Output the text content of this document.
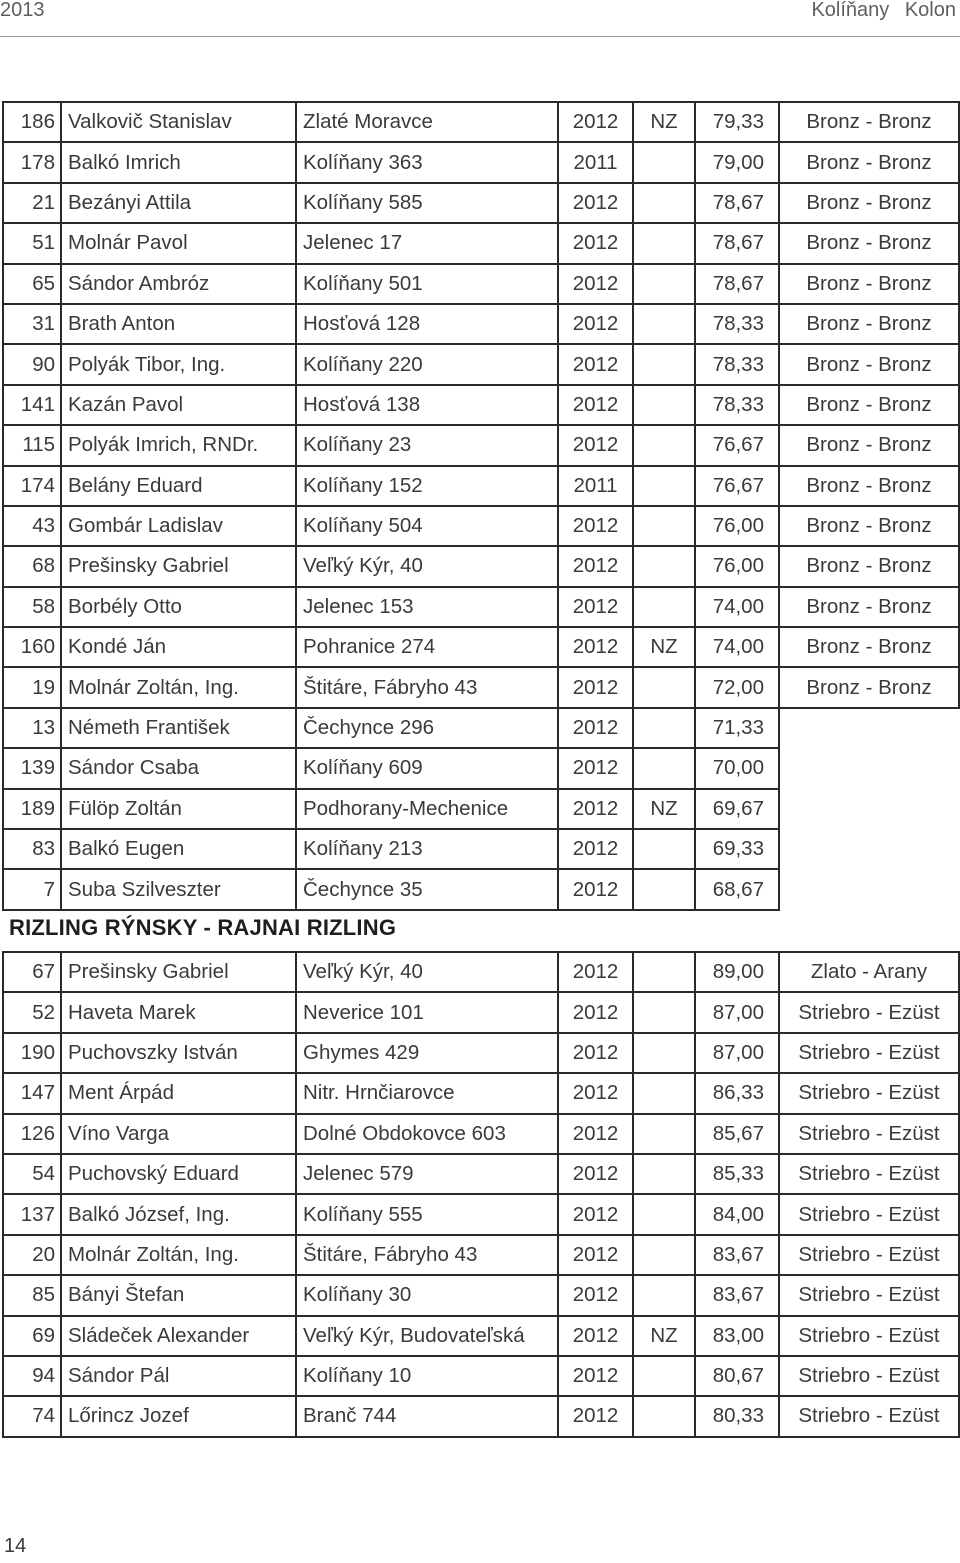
2013	Kolíňany Kolon
186	Valkovič Stanislav	Zlaté Moravce	2012	NZ	79,33	Bronz - Bronz
178	Balkó Imrich	Kolíňany 363	2011		79,00	Bronz - Bronz
21	Bezányi Attila	Kolíňany 585	2012		78,67	Bronz - Bronz
51	Molnár Pavol	Jelenec 17	2012		78,67	Bronz - Bronz
65	Sándor Ambróz	Kolíňany 501	2012		78,67	Bronz - Bronz
31	Brath Anton	Hosťová 128	2012		78,33	Bronz - Bronz
90	Polyák Tibor, Ing.	Kolíňany 220	2012		78,33	Bronz - Bronz
141	Kazán Pavol	Hosťová 138	2012		78,33	Bronz - Bronz
115	Polyák Imrich, RNDr.	Kolíňany 23	2012		76,67	Bronz - Bronz
174	Belány Eduard	Kolíňany 152	2011		76,67	Bronz - Bronz
43	Gombár Ladislav	Kolíňany 504	2012		76,00	Bronz - Bronz
68	Prešinsky Gabriel	Veľký Kýr, 40	2012		76,00	Bronz - Bronz
58	Borbély Otto	Jelenec 153	2012		74,00	Bronz - Bronz
160	Kondé Ján	Pohranice 274	2012	NZ	74,00	Bronz - Bronz
19	Molnár Zoltán, Ing.	Štitáre, Fábryho 43	2012		72,00	Bronz - Bronz
13	Németh František	Čechynce 296	2012		71,33	
139	Sándor Csaba	Kolíňany 609	2012		70,00	
189	Fülöp Zoltán	Podhorany-Mechenice	2012	NZ	69,67	
83	Balkó Eugen	Kolíňany 213	2012		69,33	
7	Suba Szilveszter	Čechynce 35	2012		68,67	
RIZLING RÝNSKY - RAJNAI RIZLING
67	Prešinsky Gabriel	Veľký Kýr, 40	2012		89,00	Zlato - Arany
52	Haveta Marek	Neverice 101	2012		87,00	Striebro - Ezüst
190	Puchovszky István	Ghymes 429	2012		87,00	Striebro - Ezüst
147	Ment Árpád	Nitr. Hrnčiarovce	2012		86,33	Striebro - Ezüst
126	Víno Varga	Dolné Obdokovce 603	2012		85,67	Striebro - Ezüst
54	Puchovský Eduard	Jelenec 579	2012		85,33	Striebro - Ezüst
137	Balkó József, Ing.	Kolíňany 555	2012		84,00	Striebro - Ezüst
20	Molnár Zoltán, Ing.	Štitáre, Fábryho 43	2012		83,67	Striebro - Ezüst
85	Bányi Štefan	Kolíňany 30	2012		83,67	Striebro - Ezüst
69	Sládeček Alexander	Veľký Kýr, Budovateľská	2012	NZ	83,00	Striebro - Ezüst
94	Sándor Pál	Kolíňany 10	2012		80,67	Striebro - Ezüst
74	Lőrincz Jozef	Branč 744	2012		80,33	Striebro - Ezüst
14
